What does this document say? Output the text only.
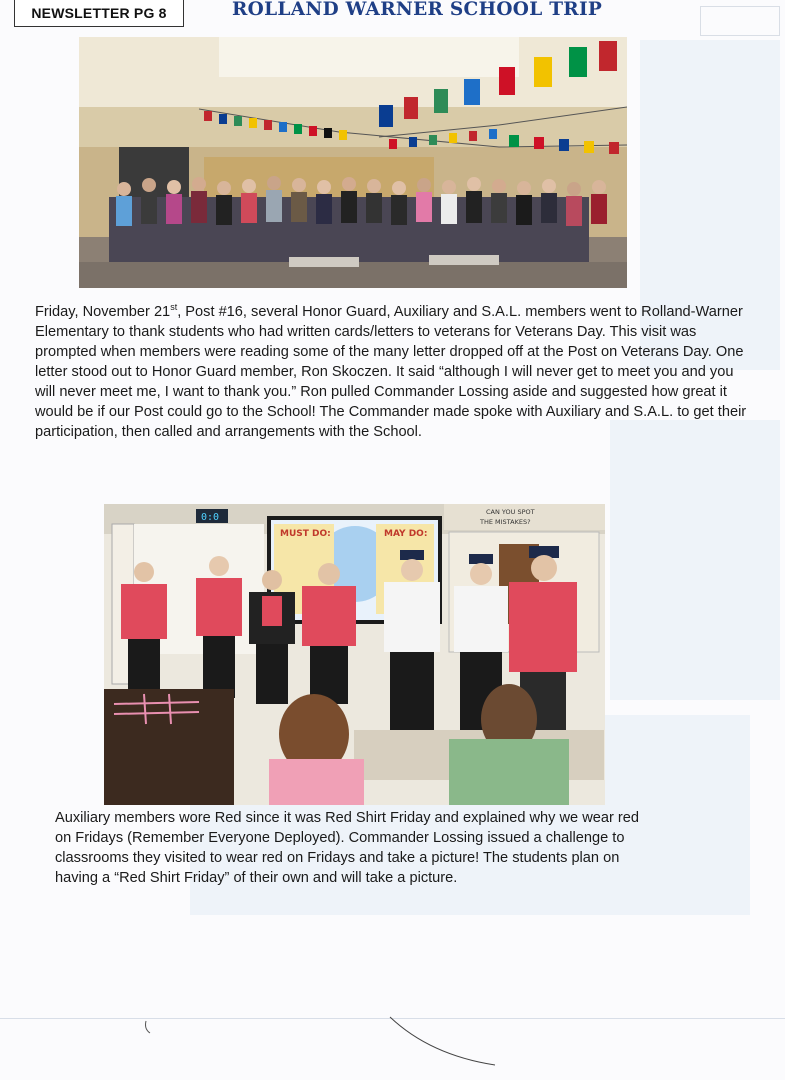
NEWSLETTER PG 8	ROLLAND WARNER SCHOOL TRIP

Friday, November 21st, Post #16, several Honor Guard, Auxiliary and S.A.L. members went to Rolland-Warner Elementary to thank students who had written cards/letters to veterans for Veterans Day. This visit was prompted when members were reading some of the many letter dropped off at the Post on Veterans Day. One letter stood out to Honor Guard member, Ron Skoczen. It said “although I will never get to meet you and you will never meet me, I want to thank you.” Ron pulled Commander Lossing aside and suggested how great it would be if our Post could go to the School! The Commander made spoke with Auxiliary and S.A.L. to get their participation, then called and arrangements with the School.

0:0
MUST DO:	MAY DO:
CAN YOU SPOT
THE MISTAKES?

Auxiliary members wore Red since it was Red Shirt Friday and explained why we wear red on Fridays (Remember Everyone Deployed). Commander Lossing issued a challenge to classrooms they visited to wear red on Fridays and take a picture! The students plan on having a “Red Shirt Friday” of their own and will take a picture.
